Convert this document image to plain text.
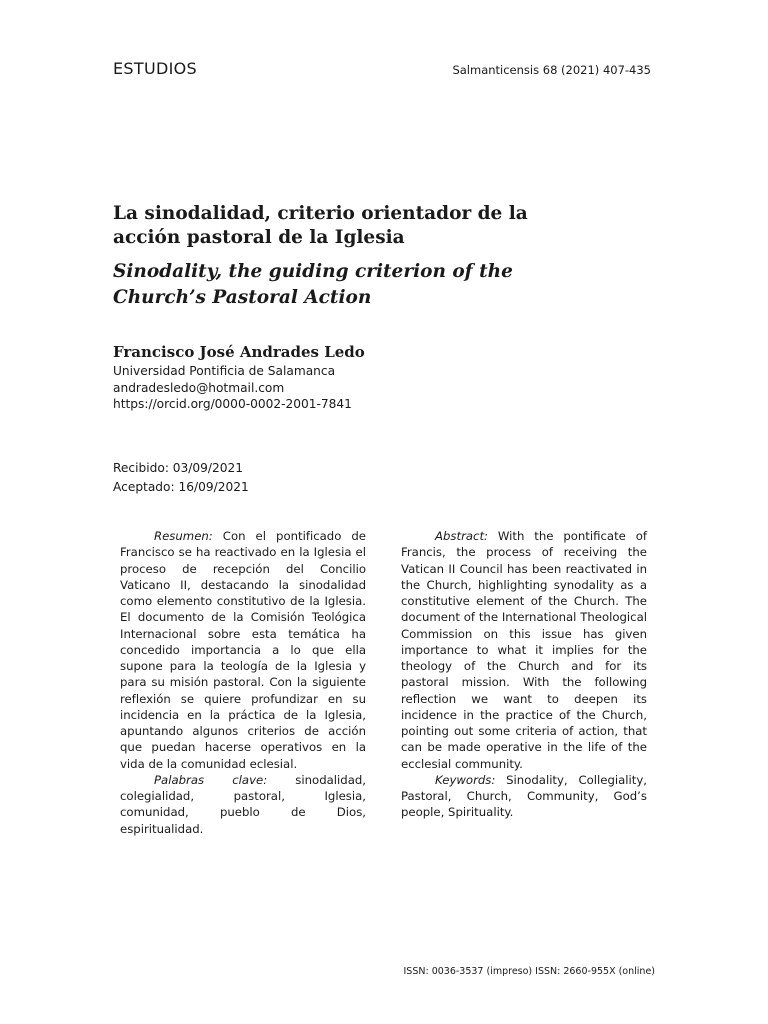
ESTUDIOS	Salmanticensis 68 (2021) 407-435
La sinodalidad, criterio orientador de la acción pastoral de la Iglesia
Sinodality, the guiding criterion of the Church’s Pastoral Action
Francisco José Andrades Ledo
Universidad Pontificia de Salamanca
andradesledo@hotmail.com
https://orcid.org/0000-0002-2001-7841
Recibido: 03/09/2021
Aceptado: 16/09/2021

Resumen: Con el pontificado de Francisco se ha reactivado en la Iglesia el proceso de recepción del Concilio Vaticano II, destacando la sinodalidad como elemento constitutivo de la Iglesia. El documento de la Comisión Teológica Internacional sobre esta temática ha concedido importancia a lo que ella supone para la teología de la Iglesia y para su misión pastoral. Con la siguiente reflexión se quiere profundizar en su incidencia en la práctica de la Iglesia, apuntando algunos criterios de acción que puedan hacerse operativos en la vida de la comunidad eclesial.

Palabras clave: sinodalidad, colegialidad, pastoral, Iglesia, comunidad, pueblo de Dios, espiritualidad.

Abstract: With the pontificate of Francis, the process of receiving the Vatican II Council has been reactivated in the Church, highlighting synodality as a constitutive element of the Church. The document of the International Theological Commission on this issue has given importance to what it implies for the theology of the Church and for its pastoral mission. With the following reflection we want to deepen its incidence in the practice of the Church, pointing out some criteria of action, that can be made operative in the life of the ecclesial community.

Keywords: Sinodality, Collegiality, Pastoral, Church, Community, God’s people, Spirituality.

ISSN: 0036-3537 (impreso) ISSN: 2660-955X (online)
